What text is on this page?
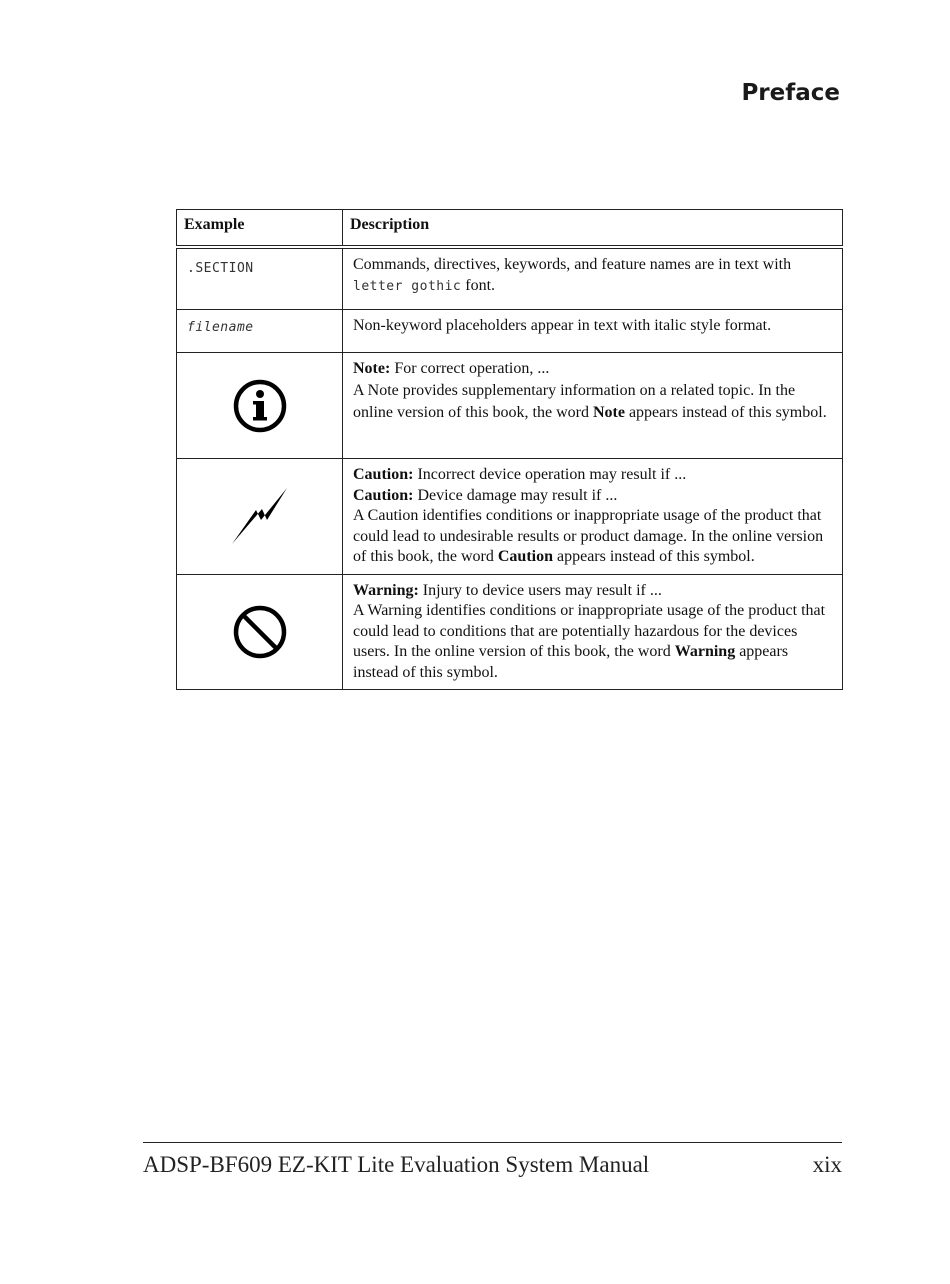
Preface
Example	Description
.SECTION	Commands, directives, keywords, and feature names are in text with letter gothic font.
filename	Non-keyword placeholders appear in text with italic style format.

Note: For correct operation, ...
A Note provides supplementary information on a related topic. In the online version of this book, the word Note appears instead of this symbol.

Caution: Incorrect device operation may result if ...
Caution: Device damage may result if ...
A Caution identifies conditions or inappropriate usage of the product that could lead to undesirable results or product damage. In the online version of this book, the word Caution appears instead of this symbol.

Warning: Injury to device users may result if ...
A Warning identifies conditions or inappropriate usage of the product that could lead to conditions that are potentially hazardous for the devices users. In the online version of this book, the word Warning appears instead of this symbol.
ADSP-BF609 EZ-KIT Lite Evaluation System Manual	xix
